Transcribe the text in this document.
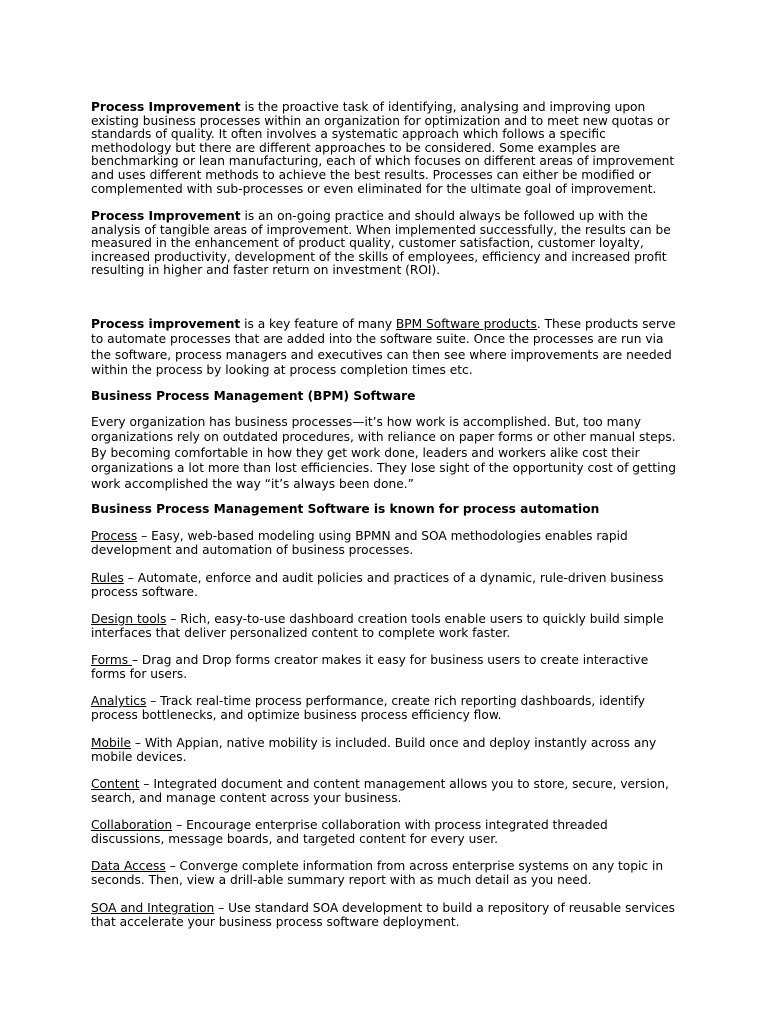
Process Improvement is the proactive task of identifying, analysing and improving upon existing business processes within an organization for optimization and to meet new quotas or standards of quality. It often involves a systematic approach which follows a specific methodology but there are different approaches to be considered. Some examples are benchmarking or lean manufacturing, each of which focuses on different areas of improvement and uses different methods to achieve the best results. Processes can either be modified or complemented with sub-processes or even eliminated for the ultimate goal of improvement.

Process Improvement is an on-going practice and should always be followed up with the analysis of tangible areas of improvement. When implemented successfully, the results can be measured in the enhancement of product quality, customer satisfaction, customer loyalty, increased productivity, development of the skills of employees, efficiency and increased profit resulting in higher and faster return on investment (ROI).

Process improvement is a key feature of many BPM Software products. These products serve to automate processes that are added into the software suite. Once the processes are run via the software, process managers and executives can then see where improvements are needed within the process by looking at process completion times etc.

Business Process Management (BPM) Software

Every organization has business processes—it’s how work is accomplished. But, too many organizations rely on outdated procedures, with reliance on paper forms or other manual steps. By becoming comfortable in how they get work done, leaders and workers alike cost their organizations a lot more than lost efficiencies. They lose sight of the opportunity cost of getting work accomplished the way “it’s always been done.”

Business Process Management Software is known for process automation

Process – Easy, web-based modeling using BPMN and SOA methodologies enables rapid development and automation of business processes.

Rules – Automate, enforce and audit policies and practices of a dynamic, rule-driven business process software.

Design tools – Rich, easy-to-use dashboard creation tools enable users to quickly build simple interfaces that deliver personalized content to complete work faster.

Forms – Drag and Drop forms creator makes it easy for business users to create interactive forms for users.

Analytics – Track real-time process performance, create rich reporting dashboards, identify process bottlenecks, and optimize business process efficiency flow.

Mobile – With Appian, native mobility is included. Build once and deploy instantly across any mobile devices.

Content – Integrated document and content management allows you to store, secure, version, search, and manage content across your business.

Collaboration – Encourage enterprise collaboration with process integrated threaded discussions, message boards, and targeted content for every user.

Data Access – Converge complete information from across enterprise systems on any topic in seconds. Then, view a drill-able summary report with as much detail as you need.

SOA and Integration – Use standard SOA development to build a repository of reusable services that accelerate your business process software deployment.
